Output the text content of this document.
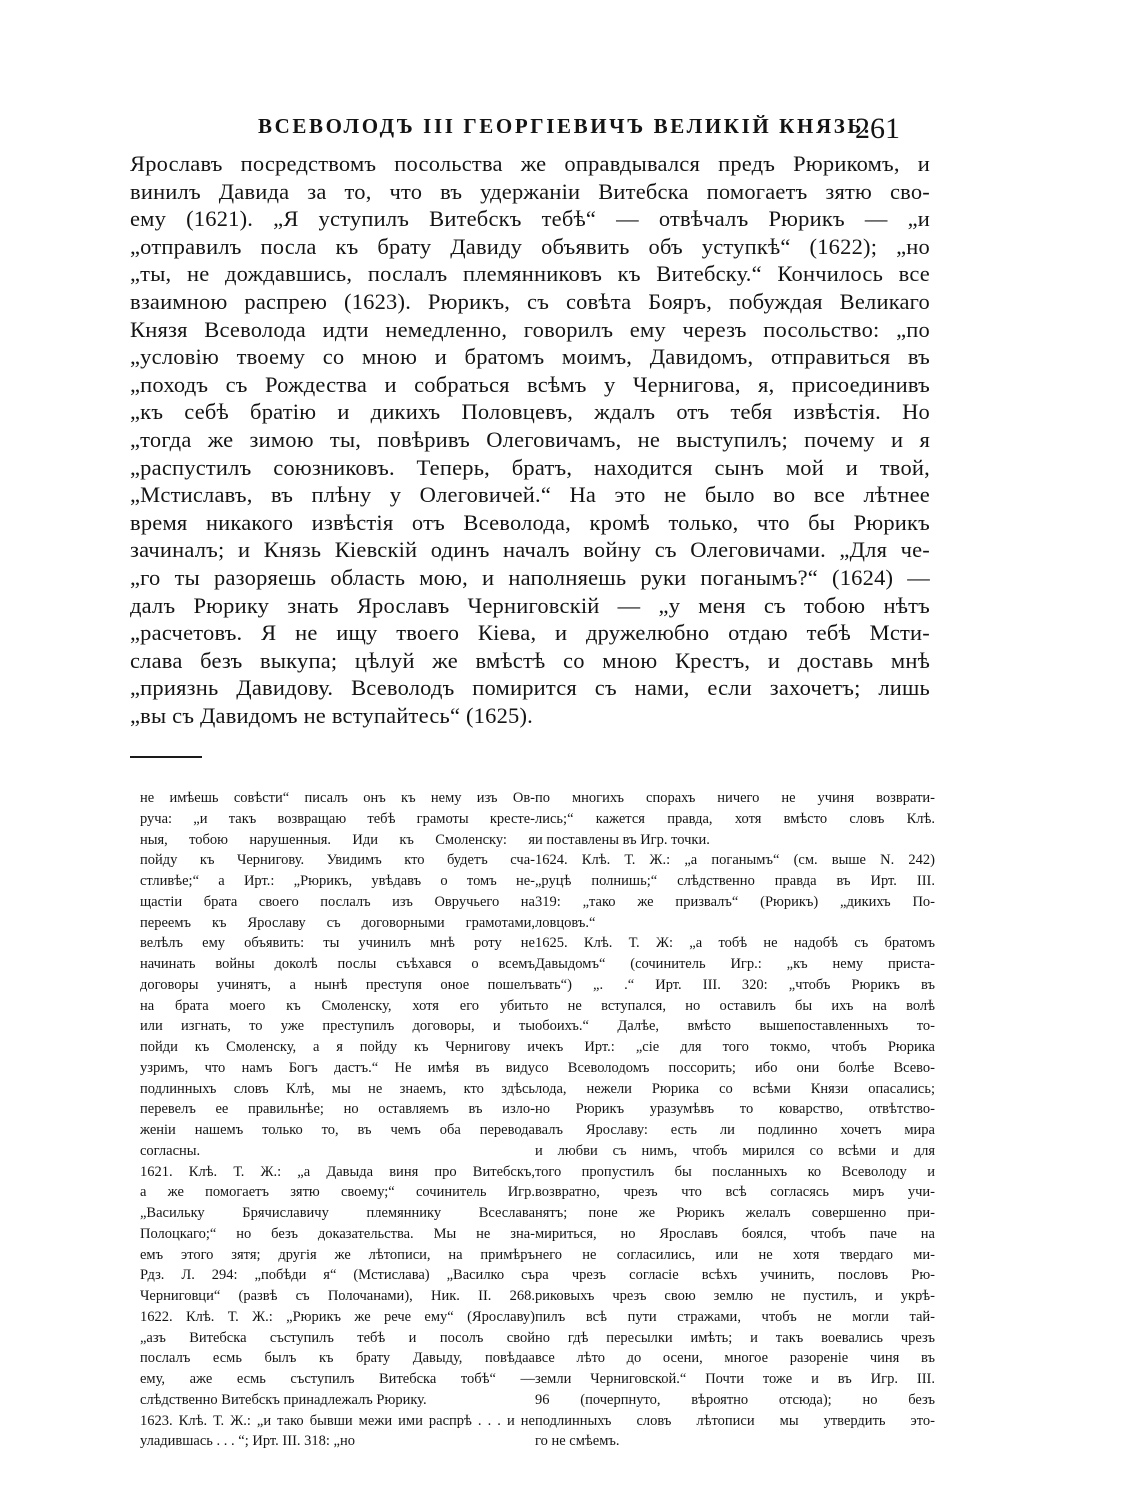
ВСЕВОЛОДЪ III ГЕОРГІЕВИЧЪ ВЕЛИКІЙ КНЯЗЬ.
261
Ярославъ посредствомъ посольства же оправдывался предъ Рюрикомъ, и
винилъ Давида за то, что въ удержаніи Витебска помогаетъ зятю сво-
ему (1621). „Я уступилъ Витебскъ тебѣ“ — отвѣчалъ Рюрикъ — „и
„отправилъ посла къ брату Давиду объявить объ уступкѣ“ (1622); „но
„ты, не дождавшись, послалъ племянниковъ къ Витебску.“ Кончилось все
взаимною распрею (1623). Рюрикъ, съ совѣта Бояръ, побуждая Великаго
Князя Всеволода идти немедленно, говорилъ ему черезъ посольство: „по
„условію твоему со мною и братомъ моимъ, Давидомъ, отправиться въ
„походъ съ Рождества и собраться всѣмъ у Чернигова, я, присоединивъ
„къ себѣ братію и дикихъ Половцевъ, ждалъ отъ тебя извѣстія. Но
„тогда же зимою ты, повѣривъ Олеговичамъ, не выступилъ; почему и я
„распустилъ союзниковъ. Теперь, братъ, находится сынъ мой и твой,
„Мстиславъ, въ плѣну у Олеговичей.“ На это не было во все лѣтнее
время никакого извѣстія отъ Всеволода, кромѣ только, что бы Рюрикъ
зачиналъ; и Князь Кіевскій одинъ началъ войну съ Олеговичами. „Для че-
„го ты разоряешь область мою, и наполняешь руки поганымъ?“ (1624) —
далъ Рюрику знать Ярославъ Черниговскій — „у меня съ тобою нѣтъ
„расчетовъ. Я не ищу твоего Кіева, и дружелюбно отдаю тебѣ Мсти-
слава безъ выкупа; цѣлуй же вмѣстѣ со мною Крестъ, и доставь мнѣ
„приязнь Давидову. Всеволодъ помирится съ нами, если захочетъ; лишь
„вы съ Давидомъ не вступайтесь“ (1625).
не имѣешь совѣсти“ писалъ онъ къ нему изъ Ов-
руча: „и такъ возвращаю тебѣ грамоты кресте-
ныя, тобою нарушенныя. Иди къ Смоленску: я
пойду къ Чернигову. Увидимъ кто будетъ сча-
стливѣе;“ а Ирт.: „Рюрикъ, увѣдавъ о томъ не-
щастіи брата своего послалъ изъ Овручьего на
переемъ къ Ярославу съ договорными грамотами,
велѣлъ ему объявить: ты учинилъ мнѣ роту не
начинать войны доколѣ послы съѣхався о всемъ
договоры учинятъ, а нынѣ преступя оное пошелъ
на брата моего къ Смоленску, хотя его убить
или изгнать, то уже преступилъ договоры, и ты
пойди къ Смоленску, а я пойду къ Чернигову и
узримъ, что намъ Богъ дастъ.“ Не имѣя въ виду
подлинныхъ словъ Клѣ, мы не знаемъ, кто здѣсь
перевелъ ее правильнѣе; но оставляемъ въ изло-
женіи нашемъ только то, въ чемъ оба перевода
согласны.
1621. Клѣ. Т. Ж.: „а Давыда виня про Витебскъ,
а же помогаетъ зятю своему;“ сочинитель Игр.
„Васильку Брячиславичу племяннику Всеслава
Полоцкаго;“ но безъ доказательства. Мы не зна-
емъ этого зятя; другія же лѣтописи, на примѣръ
Рдз. Л. 294: „побѣди я“ (Мстислава) „Василко съ
Черниговци“ (развѣ съ Полочанами), Ник. II. 268.
1622. Клѣ. Т. Ж.: „Рюрикъ же рече ему“ (Ярославу)
„азъ Витебска съступилъ тебѣ и посолъ свой
послалъ есмь былъ къ брату Давыду, повѣдаа
ему, аже есмь съступилъ Витебска тобѣ“ —
слѣдственно Витебскъ принадлежалъ Рюрику.
1623. Клѣ. Т. Ж.: „и тако бывши межи ими распрѣ . . . и не уладившась . . . “; Ирт. III. 318: „но
по многихъ спорахъ ничего не учиня возврати-
лись;“ кажется правда, хотя вмѣсто словъ Клѣ.
и поставлены въ Игр. точки.
1624. Клѣ. Т. Ж.: „а поганымъ“ (см. выше N. 242)
„руцѣ полнишь;“ слѣдственно правда въ Ирт. III.
319: „тако же призвалъ“ (Рюрикъ) „дикихъ По-
ловцовъ.“
1625. Клѣ. Т. Ж: „а тобѣ не надобѣ съ братомъ
Давыдомъ“ (сочинитель Игр.: „къ нему приста-
вать“) „. .“ Ирт. III. 320: „чтобъ Рюрикъ въ
то не вступался, но оставилъ бы ихъ на волѣ
обоихъ.“ Далѣе, вмѣсто вышепоставленныхъ то-
чекъ Ирт.: „сіе для того токмо, чтобъ Рюрика
со Всеволодомъ поссорить; ибо они болѣе Всево-
лода, нежели Рюрика со всѣми Князи опасались;
но Рюрикъ уразумѣвъ то коварство, отвѣтство-
валъ Ярославу: есть ли подлинно хочетъ мира
и любви съ нимъ, чтобъ мирился со всѣми и для
того пропустилъ бы посланныхъ ко Всеволоду и
возвратно, чрезъ что всѣ согласясь миръ учи-
нятъ; поне же Рюрикъ желалъ совершенно при-
мириться, но Ярославъ боялся, чтобъ паче на
него не согласились, или не хотя твердаго ми-
ра чрезъ согласіе всѣхъ учинить, пословъ Рю-
риковыхъ чрезъ свою землю не пустилъ, и укрѣ-
пилъ всѣ пути стражами, чтобъ не могли тай-
но гдѣ пересылки имѣть; и такъ воевались чрезъ
все лѣто до осени, многое разореніе чиня въ
земли Черниговской.“ Почти тоже и въ Игр. III.
96 (почерпнуто, вѣроятно отсюда); но безъ
подлинныхъ словъ лѣтописи мы утвердить это-
го не смѣемъ.
